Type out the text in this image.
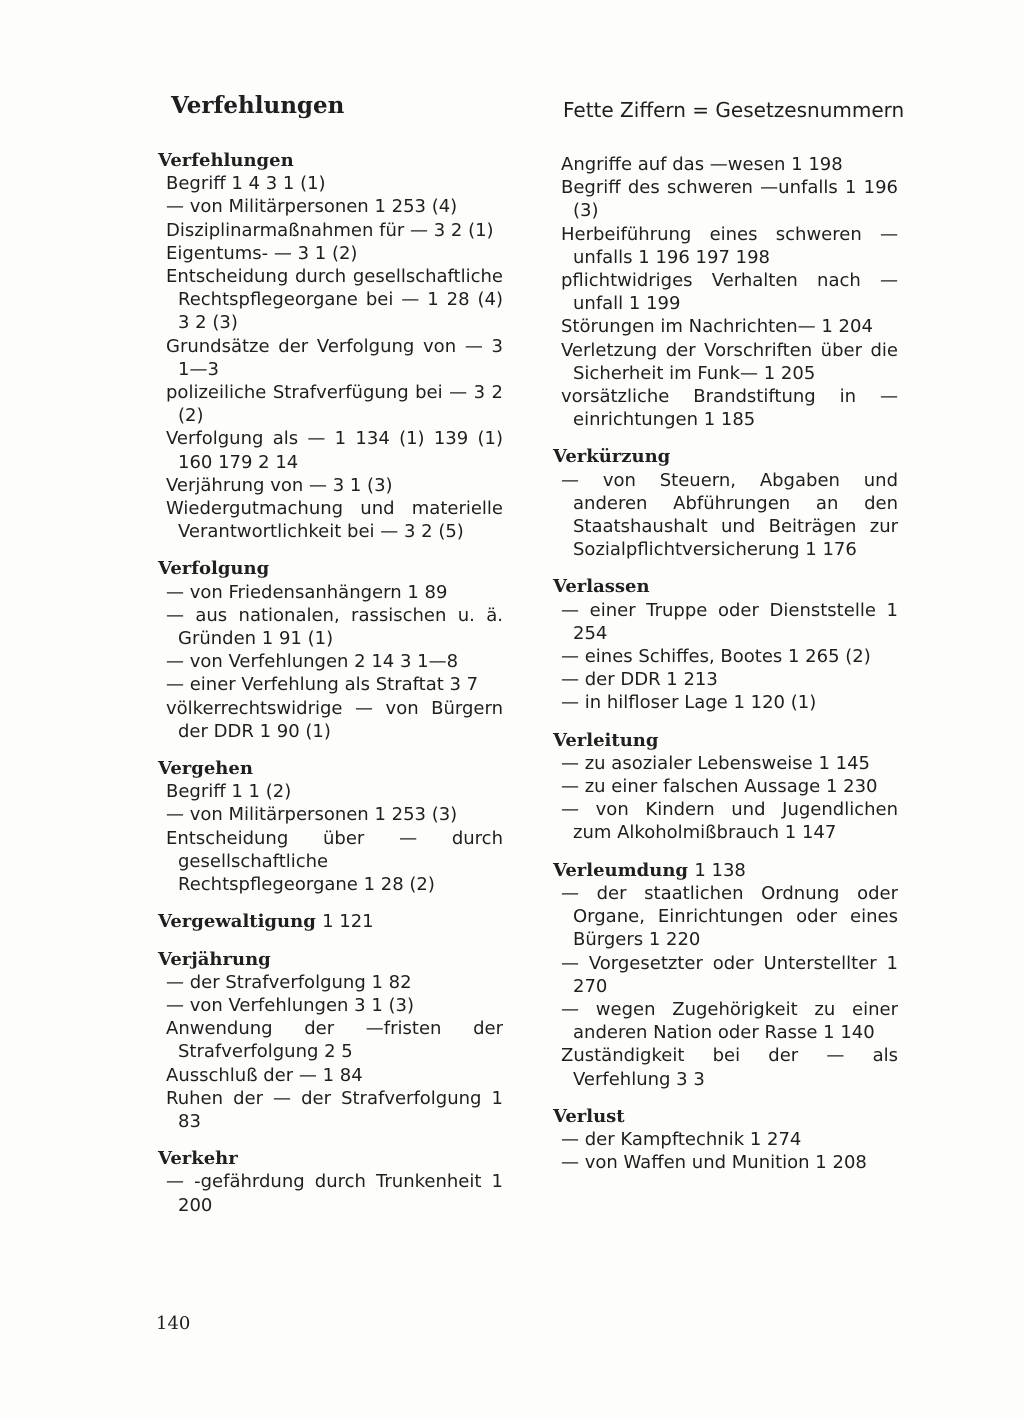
Verfehlungen	Fette Ziffern = Gesetzesnummern
Verfehlungen
Begriff 1 4 3 1 (1)
— von Militärpersonen 1 253 (4)
Disziplinarmaßnahmen für — 3 2 (1)
Eigentums- — 3 1 (2)
Entscheidung durch gesellschaftliche Rechtspflegeorgane bei — 1 28 (4) 3 2 (3)
Grundsätze der Verfolgung von — 3 1—3
polizeiliche Strafverfügung bei — 3 2 (2)
Verfolgung als — 1 134 (1) 139 (1) 160 179 2 14
Verjährung von — 3 1 (3)
Wiedergutmachung und materielle Verantwortlichkeit bei — 3 2 (5)
Verfolgung
— von Friedensanhängern 1 89
— aus nationalen, rassischen u. ä. Gründen 1 91 (1)
— von Verfehlungen 2 14 3 1—8
— einer Verfehlung als Straftat 3 7
völkerrechtswidrige — von Bürgern der DDR 1 90 (1)
Vergehen
Begriff 1 1 (2)
— von Militärpersonen 1 253 (3)
Entscheidung über — durch gesellschaftliche Rechtspflegeorgane 1 28 (2)
Vergewaltigung 1 121
Verjährung
— der Strafverfolgung 1 82
— von Verfehlungen 3 1 (3)
Anwendung der —fristen der Strafverfolgung 2 5
Ausschluß der — 1 84
Ruhen der — der Strafverfolgung 1 83
Verkehr
— -gefährdung durch Trunkenheit 1 200
Angriffe auf das —wesen 1 198
Begriff des schweren —unfalls 1 196 (3)
Herbeiführung eines schweren —unfalls 1 196 197 198
pflichtwidriges Verhalten nach —unfall 1 199
Störungen im Nachrichten— 1 204
Verletzung der Vorschriften über die Sicherheit im Funk— 1 205
vorsätzliche Brandstiftung in —einrichtungen 1 185
Verkürzung
— von Steuern, Abgaben und anderen Abführungen an den Staatshaushalt und Beiträgen zur Sozialpflichtversicherung 1 176
Verlassen
— einer Truppe oder Dienststelle 1 254
— eines Schiffes, Bootes 1 265 (2)
— der DDR 1 213
— in hilfloser Lage 1 120 (1)
Verleitung
— zu asozialer Lebensweise 1 145
— zu einer falschen Aussage 1 230
— von Kindern und Jugendlichen zum Alkoholmißbrauch 1 147
Verleumdung 1 138
— der staatlichen Ordnung oder Organe, Einrichtungen oder eines Bürgers 1 220
— Vorgesetzter oder Unterstellter 1 270
— wegen Zugehörigkeit zu einer anderen Nation oder Rasse 1 140
Zuständigkeit bei der — als Verfehlung 3 3
Verlust
— der Kampftechnik 1 274
— von Waffen und Munition 1 208
140
